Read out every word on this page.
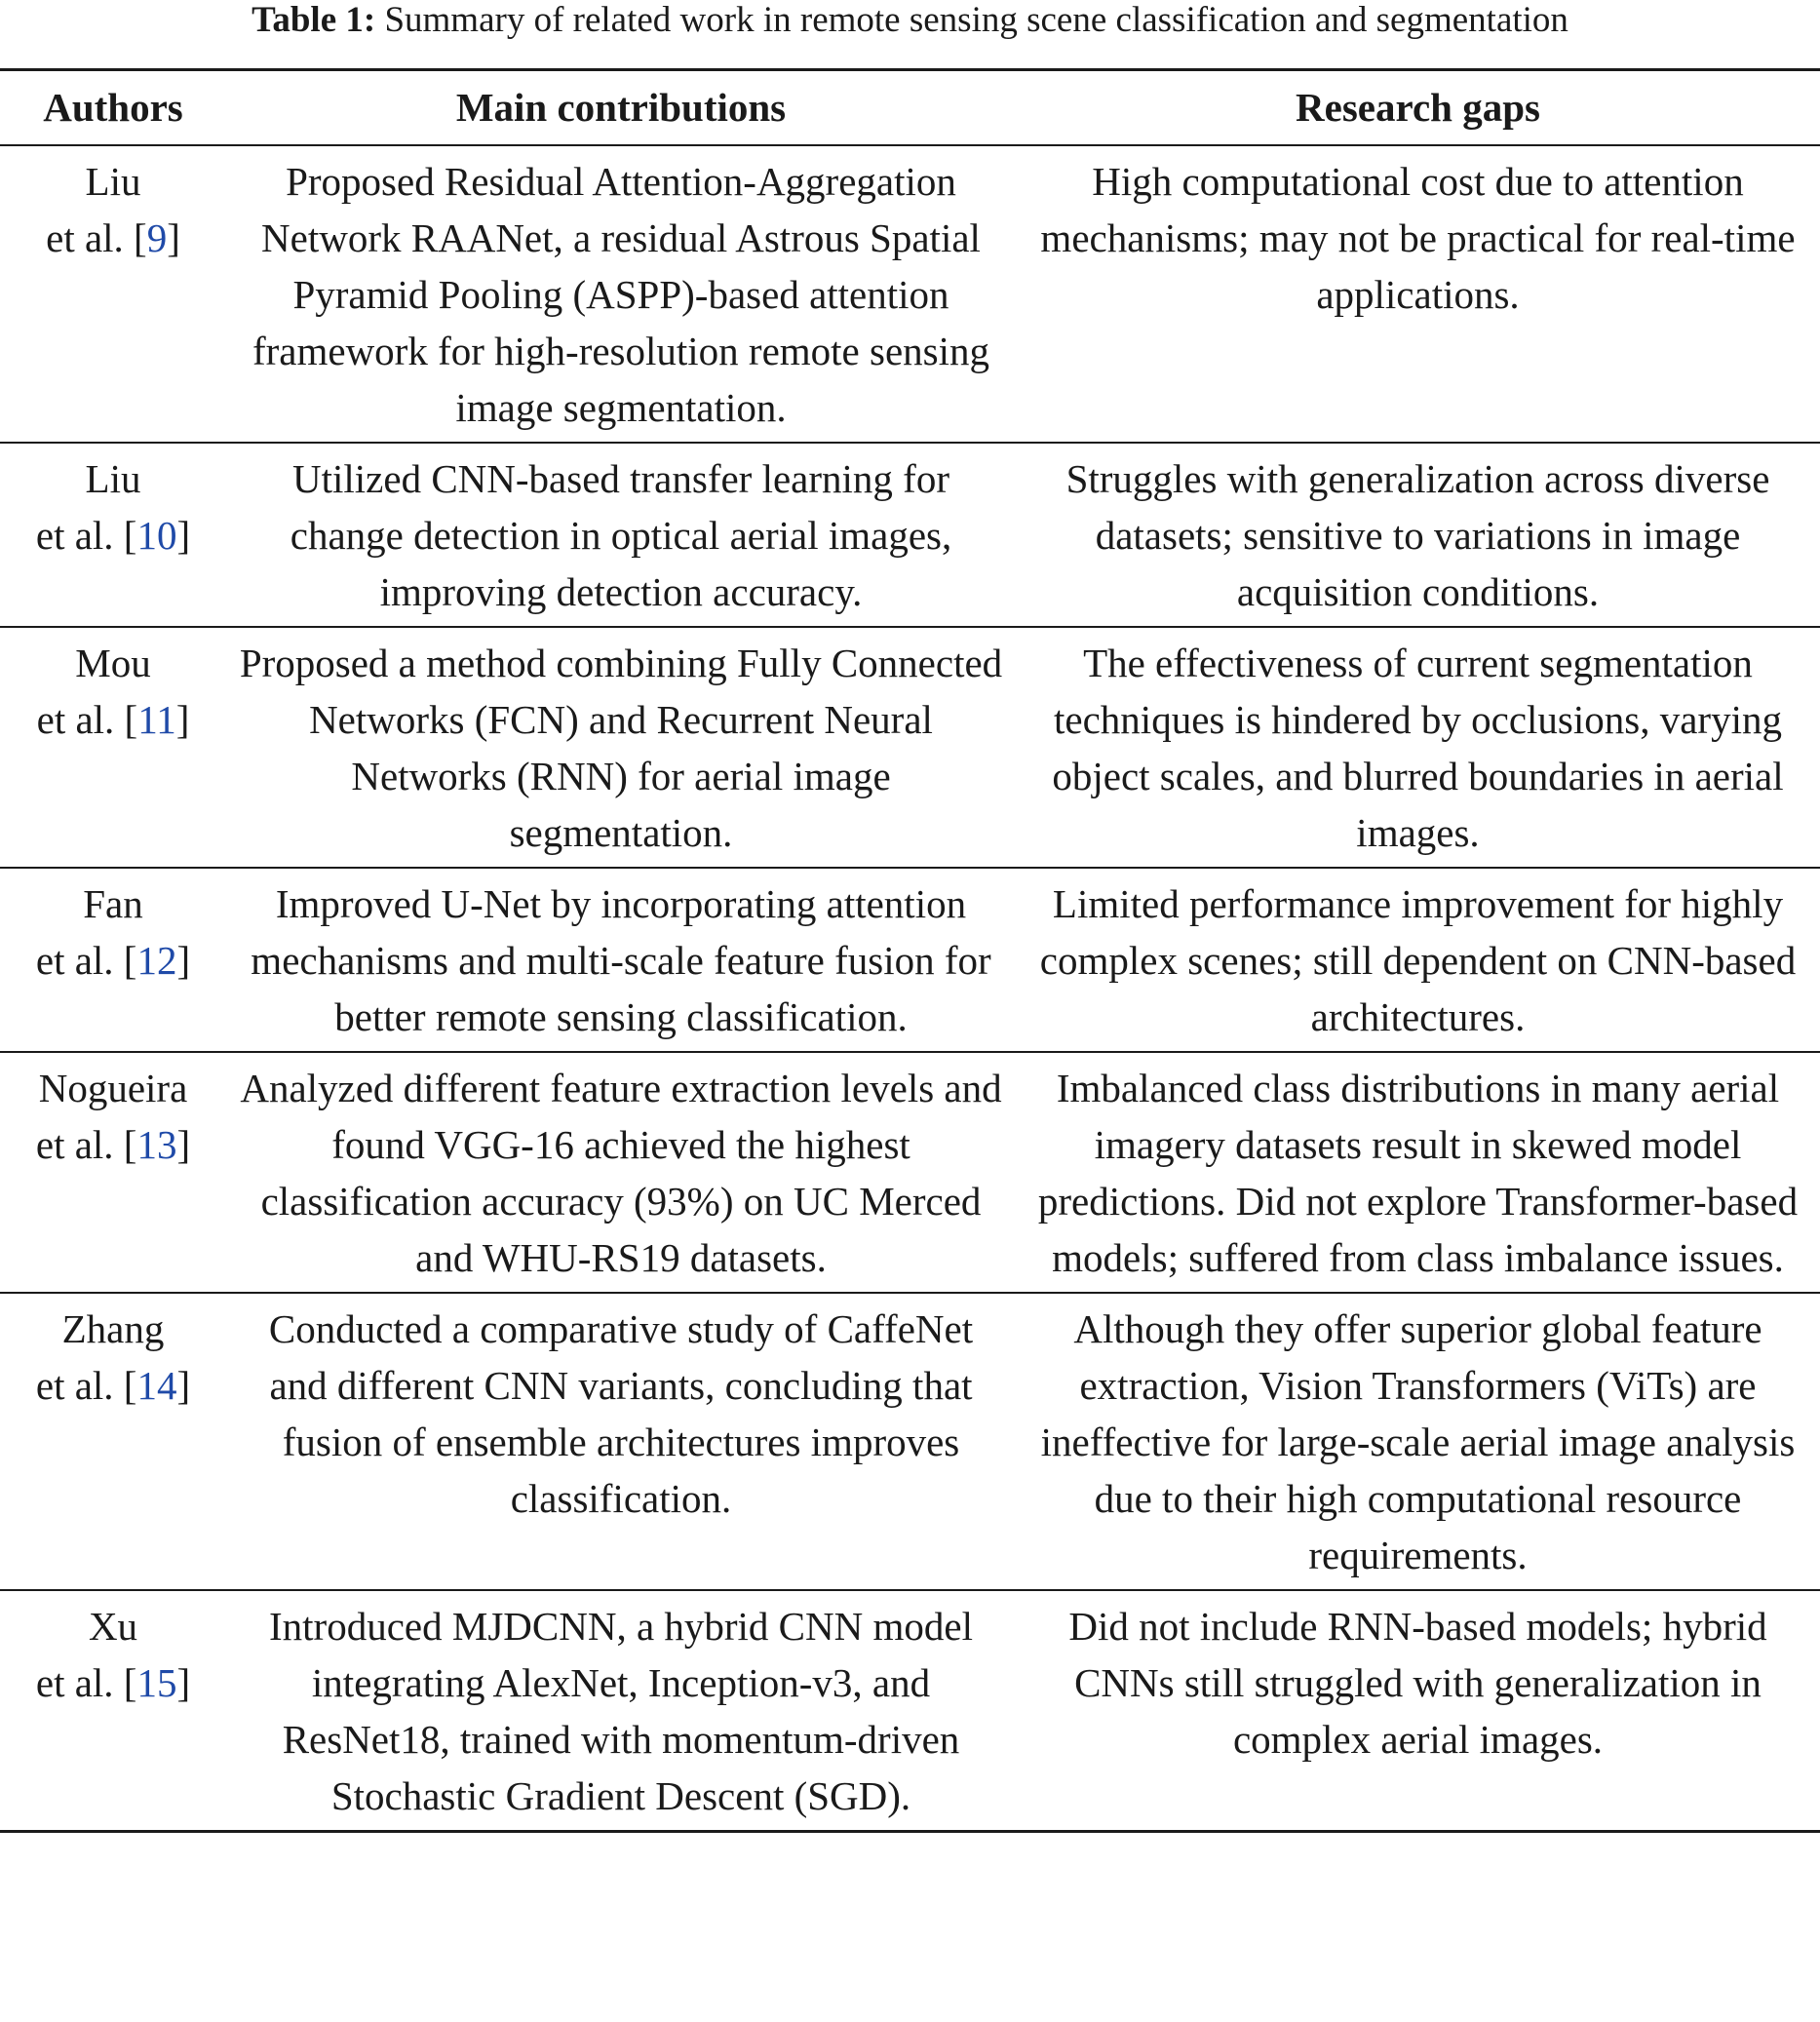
Table 1: Summary of related work in remote sensing scene classification and segmentation
Authors	Main contributions	Research gaps

Liu
et al. [9]	Proposed Residual Attention-Aggregation Network RAANet, a residual Astrous Spatial Pyramid Pooling (ASPP)-based attention framework for high-resolution remote sensing image segmentation.	High computational cost due to attention mechanisms; may not be practical for real-time applications.

Liu
et al. [10]	Utilized CNN-based transfer learning for change detection in optical aerial images, improving detection accuracy.	Struggles with generalization across diverse datasets; sensitive to variations in image acquisition conditions.

Mou
et al. [11]	Proposed a method combining Fully Connected Networks (FCN) and Recurrent Neural Networks (RNN) for aerial image segmentation.	The effectiveness of current segmentation techniques is hindered by occlusions, varying object scales, and blurred boundaries in aerial images.

Fan
et al. [12]	Improved U-Net by incorporating attention mechanisms and multi-scale feature fusion for better remote sensing classification.	Limited performance improvement for highly complex scenes; still dependent on CNN-based architectures.

Nogueira
et al. [13]	Analyzed different feature extraction levels and found VGG-16 achieved the highest classification accuracy (93%) on UC Merced and WHU-RS19 datasets.	Imbalanced class distributions in many aerial imagery datasets result in skewed model predictions. Did not explore Transformer-based models; suffered from class imbalance issues.

Zhang
et al. [14]	Conducted a comparative study of CaffeNet and different CNN variants, concluding that fusion of ensemble architectures improves classification.	Although they offer superior global feature extraction, Vision Transformers (ViTs) are ineffective for large-scale aerial image analysis due to their high computational resource requirements.

Xu
et al. [15]	Introduced MJDCNN, a hybrid CNN model integrating AlexNet, Inception-v3, and ResNet18, trained with momentum-driven Stochastic Gradient Descent (SGD).	Did not include RNN-based models; hybrid CNNs still struggled with generalization in complex aerial images.
